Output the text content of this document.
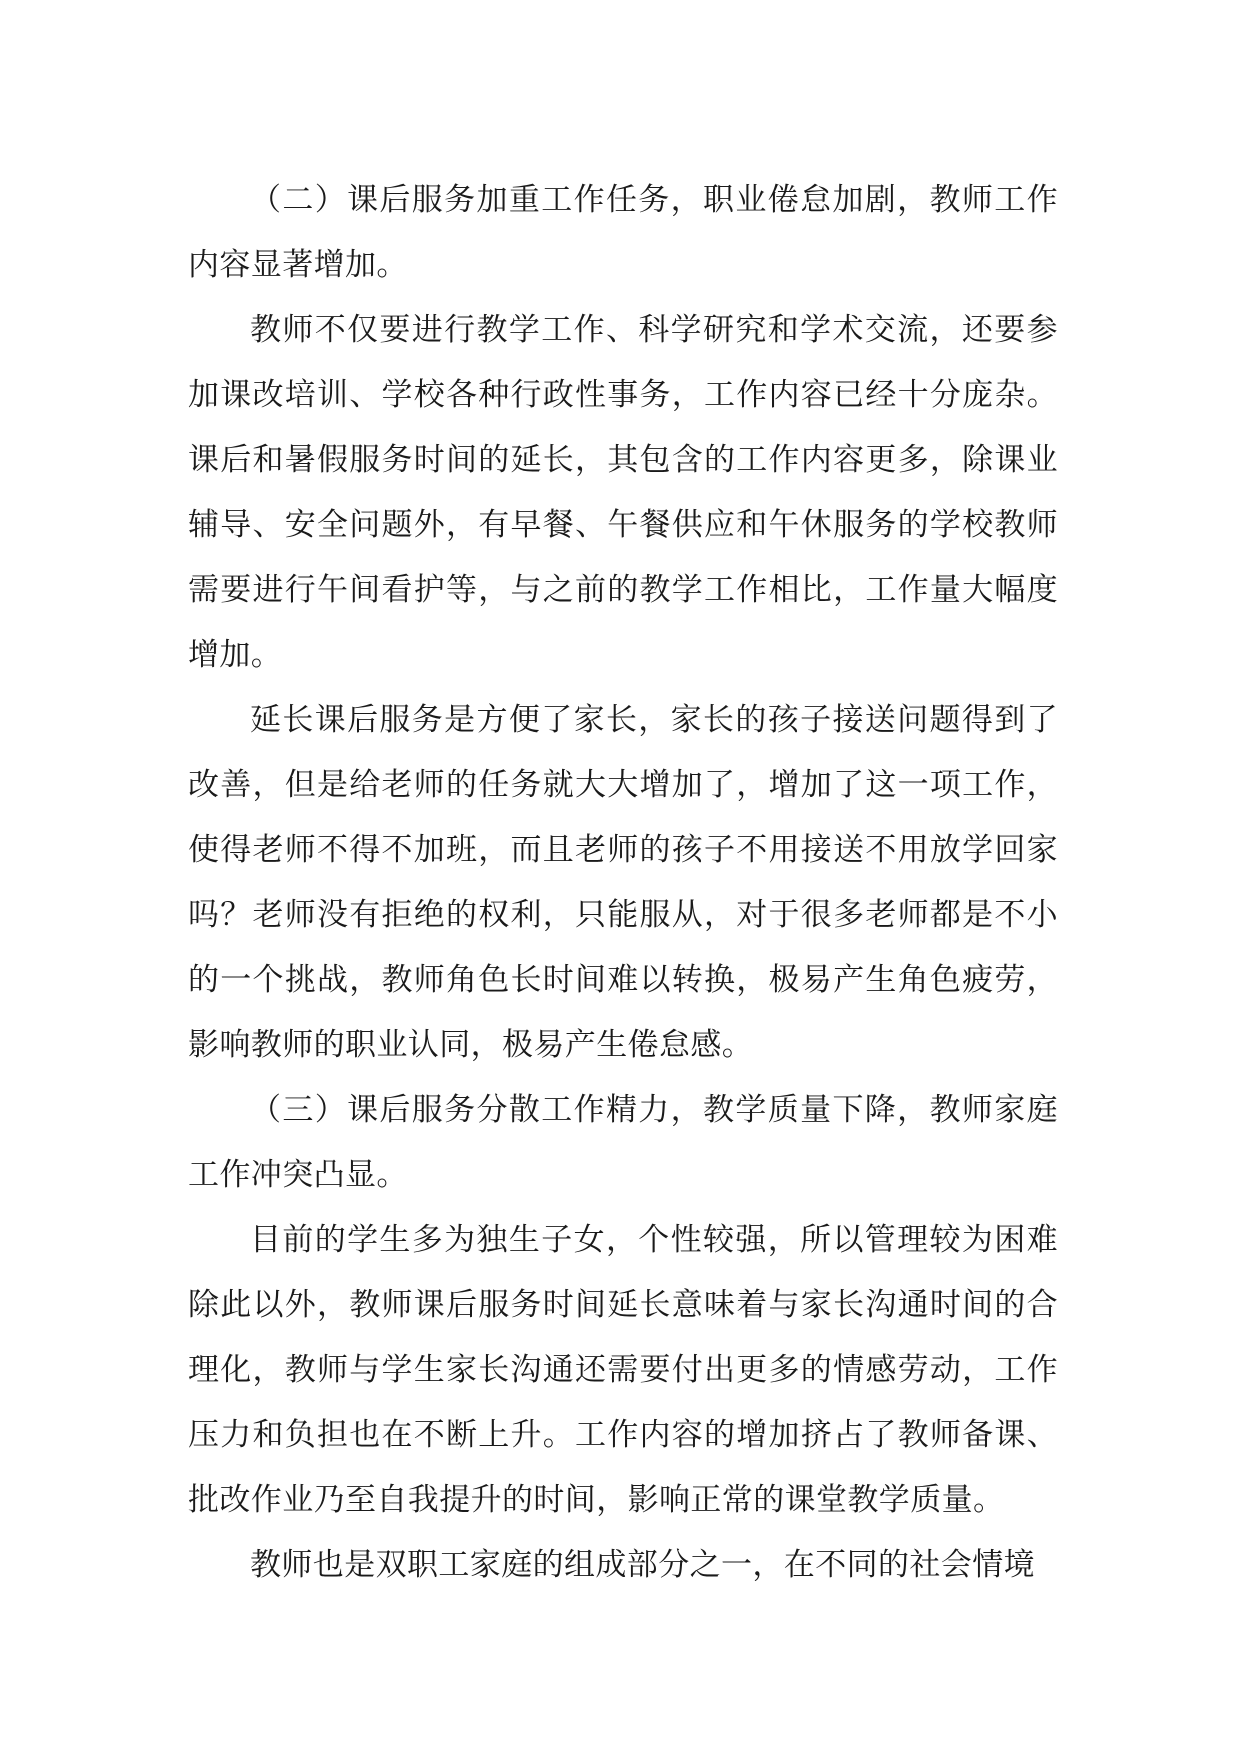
（二）课后服务加重工作任务，职业倦怠加剧，教师工作内容显著增加。

教师不仅要进行教学工作、科学研究和学术交流，还要参加课改培训、学校各种行政性事务，工作内容已经十分庞杂。课后和暑假服务时间的延长，其包含的工作内容更多，除课业辅导、安全问题外，有早餐、午餐供应和午休服务的学校教师需要进行午间看护等，与之前的教学工作相比，工作量大幅度增加。

延长课后服务是方便了家长，家长的孩子接送问题得到了改善，但是给老师的任务就大大增加了，增加了这一项工作，使得老师不得不加班，而且老师的孩子不用接送不用放学回家吗？老师没有拒绝的权利，只能服从，对于很多老师都是不小的一个挑战，教师角色长时间难以转换，极易产生角色疲劳，影响教师的职业认同，极易产生倦怠感。

（三）课后服务分散工作精力，教学质量下降，教师家庭工作冲突凸显。

目前的学生多为独生子女，个性较强，所以管理较为困难除此以外，教师课后服务时间延长意味着与家长沟通时间的合理化，教师与学生家长沟通还需要付出更多的情感劳动，工作压力和负担也在不断上升。工作内容的增加挤占了教师备课、批改作业乃至自我提升的时间，影响正常的课堂教学质量。

教师也是双职工家庭的组成部分之一，在不同的社会情境
